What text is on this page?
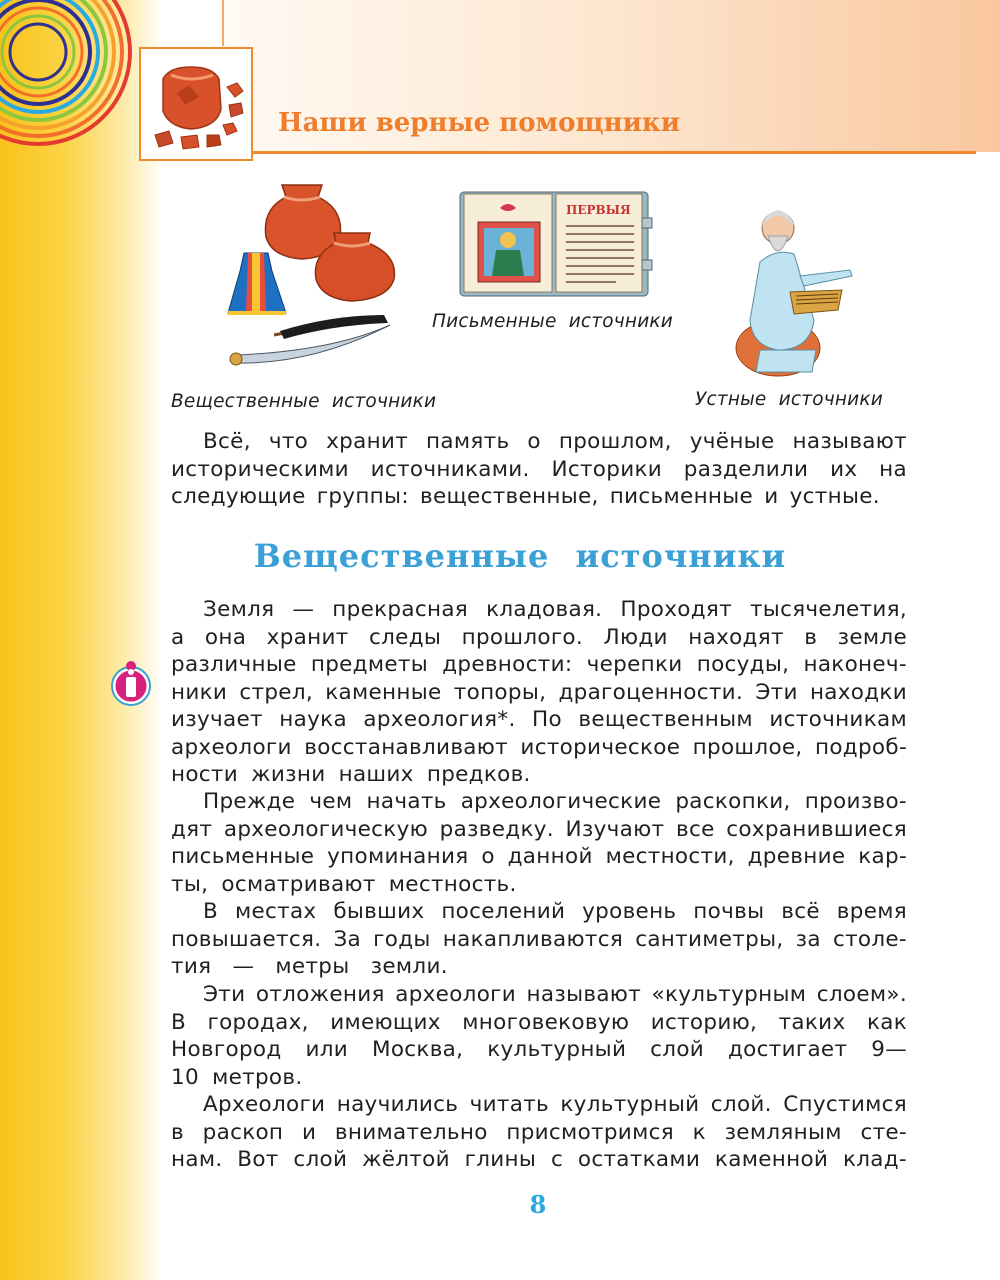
Наши верные помощники
Вещественные  источники
ПЕРВЫЯ
Письменные  источники
Устные  источники
Всё, что хранит память о прошлом, учёные называют
историческими источниками. Историки разделили их на
следующие группы: вещественные, письменные и устные.
Вещественные источники
Земля — прекрасная кладовая. Проходят тысячелетия,
а она хранит следы прошлого. Люди находят в земле
различные предметы древности: черепки посуды, наконеч-
ники стрел, каменные топоры, драгоценности. Эти находки
изучает наука археология*. По вещественным источникам
археологи восстанавливают историческое прошлое, подроб-
ности жизни наших предков.
Прежде чем начать археологические раскопки, произво-
дят археологическую разведку. Изучают все сохранившиеся
письменные упоминания о данной местности, древние кар-
ты, осматривают местность.
В местах бывших поселений уровень почвы всё время
повышается. За годы накапливаются сантиметры, за столе-
тия — метры земли.
Эти отложения археологи называют «культурным слоем».
В городах, имеющих многовековую историю, таких как
Новгород или Москва, культурный слой достигает 9—
10 метров.
Археологи научились читать культурный слой. Спустимся
в раскоп и внимательно присмотримся к земляным сте-
нам. Вот слой жёлтой глины с остатками каменной клад-
8
